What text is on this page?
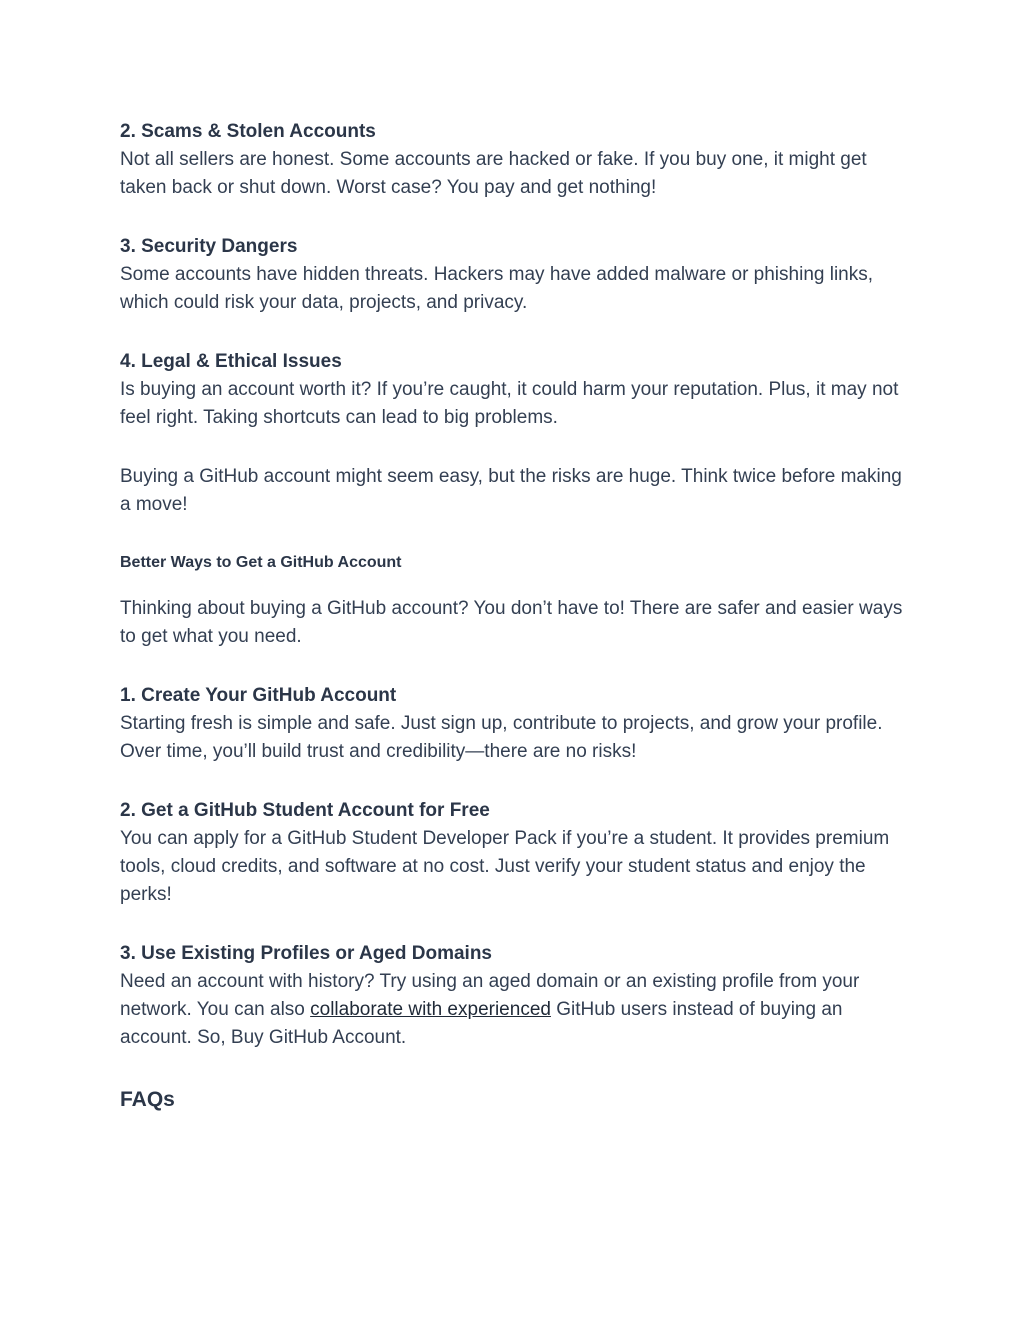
2. Scams & Stolen Accounts
Not all sellers are honest. Some accounts are hacked or fake. If you buy one, it might get taken back or shut down. Worst case? You pay and get nothing!
3. Security Dangers
Some accounts have hidden threats. Hackers may have added malware or phishing links, which could risk your data, projects, and privacy.
4. Legal & Ethical Issues
Is buying an account worth it? If you’re caught, it could harm your reputation. Plus, it may not feel right. Taking shortcuts can lead to big problems.

Buying a GitHub account might seem easy, but the risks are huge. Think twice before making a move!

Better Ways to Get a GitHub Account

Thinking about buying a GitHub account? You don’t have to! There are safer and easier ways to get what you need.

1. Create Your GitHub Account
Starting fresh is simple and safe. Just sign up, contribute to projects, and grow your profile. Over time, you’ll build trust and credibility—there are no risks!
2. Get a GitHub Student Account for Free
You can apply for a GitHub Student Developer Pack if you’re a student. It provides premium tools, cloud credits, and software at no cost. Just verify your student status and enjoy the perks!
3. Use Existing Profiles or Aged Domains
Need an account with history? Try using an aged domain or an existing profile from your network. You can also collaborate with experienced GitHub users instead of buying an account. So, Buy GitHub Account.

FAQs
